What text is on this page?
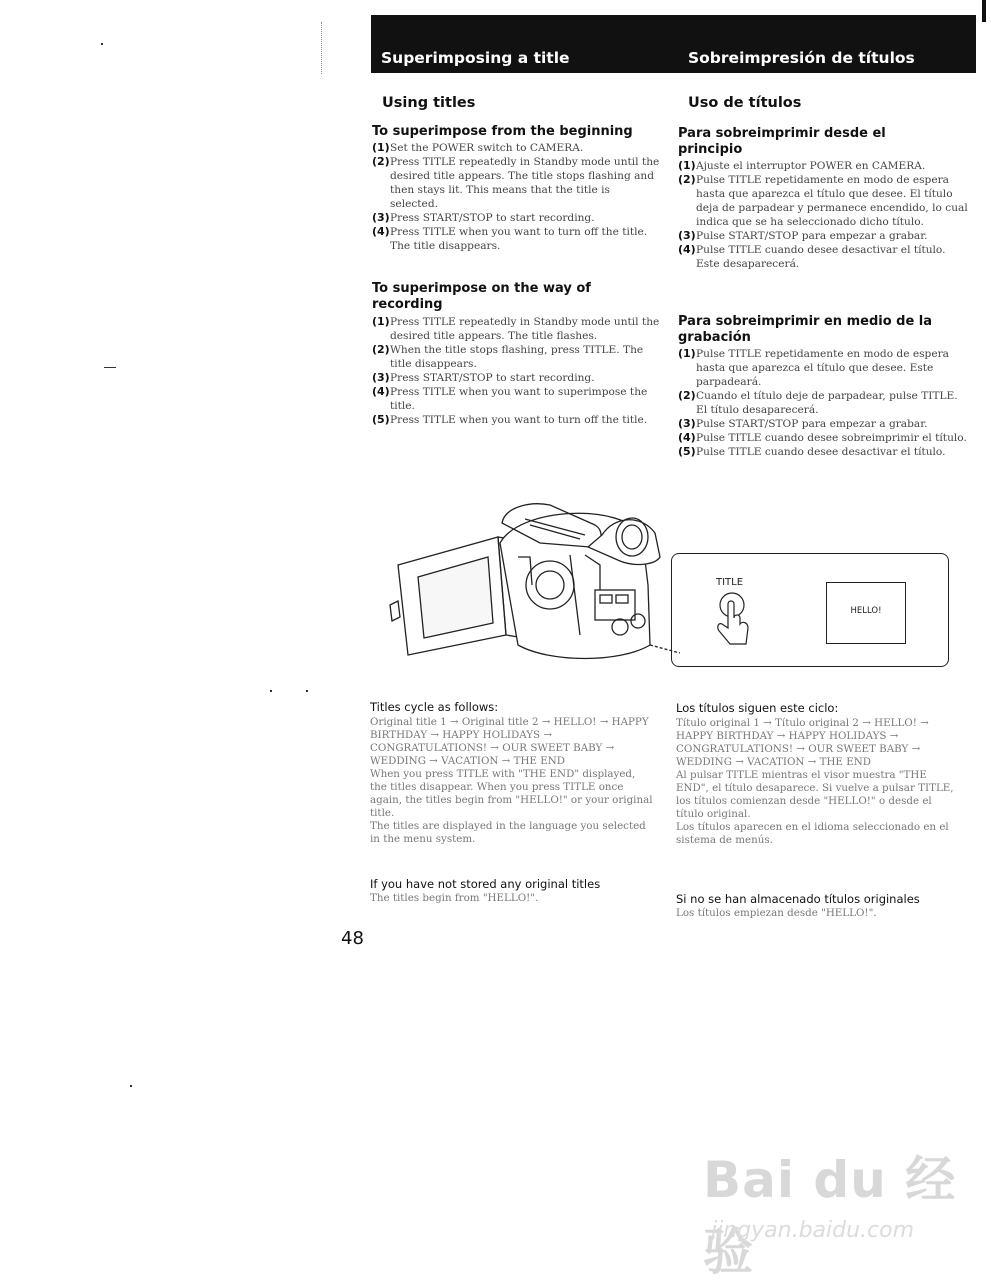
Superimposing a title	Sobreimpresión de títulos
Using titles
To superimpose from the beginning
(1) Set the POWER switch to CAMERA.
(2) Press TITLE repeatedly in Standby mode until the desired title appears. The title stops flashing and then stays lit. This means that the title is selected.
(3) Press START/STOP to start recording.
(4) Press TITLE when you want to turn off the title. The title disappears.
To superimpose on the way of recording
(1) Press TITLE repeatedly in Standby mode until the desired title appears. The title flashes.
(2) When the title stops flashing, press TITLE. The title disappears.
(3) Press START/STOP to start recording.
(4) Press TITLE when you want to superimpose the title.
(5) Press TITLE when you want to turn off the title.
Uso de títulos
Para sobreimprimir desde el principio
(1) Ajuste el interruptor POWER en CAMERA.
(2) Pulse TITLE repetidamente en modo de espera hasta que aparezca el título que desee. El título deja de parpadear y permanece encendido, lo cual indica que se ha seleccionado dicho título.
(3) Pulse START/STOP para empezar a grabar.
(4) Pulse TITLE cuando desee desactivar el título. Este desaparecerá.
Para sobreimprimir en medio de la grabación
(1) Pulse TITLE repetidamente en modo de espera hasta que aparezca el título que desee. Este parpadeará.
(2) Cuando el título deje de parpadear, pulse TITLE. El título desaparecerá.
(3) Pulse START/STOP para empezar a grabar.
(4) Pulse TITLE cuando desee sobreimprimir el título.
(5) Pulse TITLE cuando desee desactivar el título.
TITLE
HELLO!
Titles cycle as follows:

Original title 1 → Original title 2 → HELLO! → HAPPY BIRTHDAY → HAPPY HOLIDAYS → CONGRATULATIONS! → OUR SWEET BABY → WEDDING → VACATION → THE END

When you press TITLE with "THE END" displayed, the titles disappear. When you press TITLE once again, the titles begin from "HELLO!" or your original title.

The titles are displayed in the language you selected in the menu system.

If you have not stored any original titles
The titles begin from "HELLO!".
Los títulos siguen este ciclo:

Título original 1 → Título original 2 → HELLO! → HAPPY BIRTHDAY → HAPPY HOLIDAYS → CONGRATULATIONS! → OUR SWEET BABY → WEDDING → VACATION → THE END

Al pulsar TITLE mientras el visor muestra "THE END", el título desaparece. Si vuelve a pulsar TITLE, los títulos comienzan desde "HELLO!" o desde el título original.

Los títulos aparecen en el idioma seleccionado en el sistema de menús.

Si no se han almacenado títulos originales
Los títulos empiezan desde "HELLO!".
48
Bai du 经验
jingyan.baidu.com
